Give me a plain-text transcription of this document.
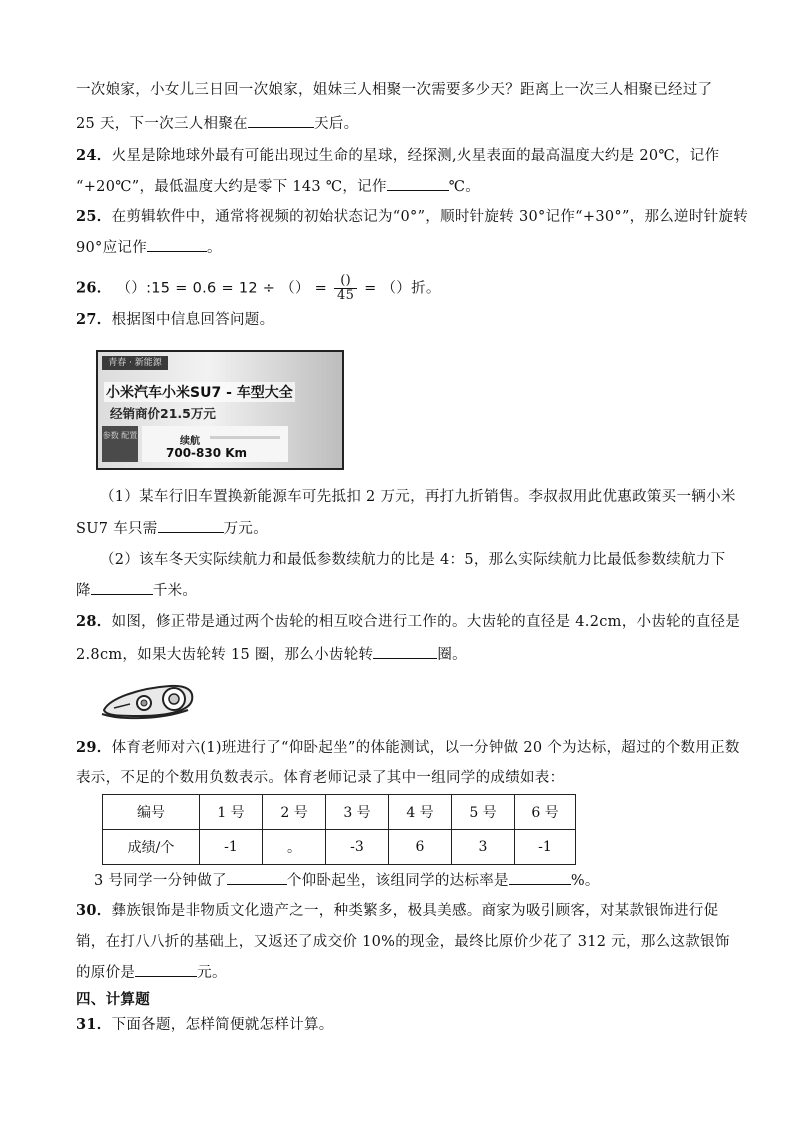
一次娘家，小女儿三日回一次娘家，姐妹三人相聚一次需要多少天？距离上一次三人相聚已经过了
25 天，下一次三人相聚在	天后。
24．火星是除地球外最有可能出现过生命的星球，经探测,火星表面的最高温度大约是 20℃，记作
“+20℃”，最低温度大约是零下 143 ℃，记作	℃。
25．在剪辑软件中，通常将视频的初始状态记为“0°”，顺时针旋转 30°记作“+30°”，那么逆时针旋转
90°应记作	。
26． （）:15 = 0.6 = 12 ÷ （） = $\frac{()}{45}$ = （）折。
27．根据图中信息回答问题。
青春 · 新能源
小米汽车小米SU7 - 车型大全
经销商价21.5万元
参数 配置
续航
700-830 Km
（1）某车行旧车置换新能源车可先抵扣 2 万元，再打九折销售。李叔叔用此优惠政策买一辆小米
SU7 车只需	万元。
（2）该车冬天实际续航力和最低参数续航力的比是 4：5，那么实际续航力比最低参数续航力下
降	千米。
28．如图，修正带是通过两个齿轮的相互咬合进行工作的。大齿轮的直径是 4.2cm，小齿轮的直径是
2.8cm，如果大齿轮转 15 圈，那么小齿轮转	圈。
29．体育老师对六(1)班进行了“仰卧起坐”的体能测试，以一分钟做 20 个为达标，超过的个数用正数
表示，不足的个数用负数表示。体育老师记录了其中一组同学的成绩如表：
编号	1 号	2 号	3 号	4 号	5 号	6 号
成绩/个	-1	。	-3	6	3	-1
3 号同学一分钟做了	个仰卧起坐，该组同学的达标率是	%。
30．彝族银饰是非物质文化遗产之一，种类繁多，极具美感。商家为吸引顾客，对某款银饰进行促
销，在打八八折的基础上，又返还了成交价 10%的现金，最终比原价少花了 312 元，那么这款银饰
的原价是	元。
四、计算题
31．下面各题，怎样简便就怎样计算。
